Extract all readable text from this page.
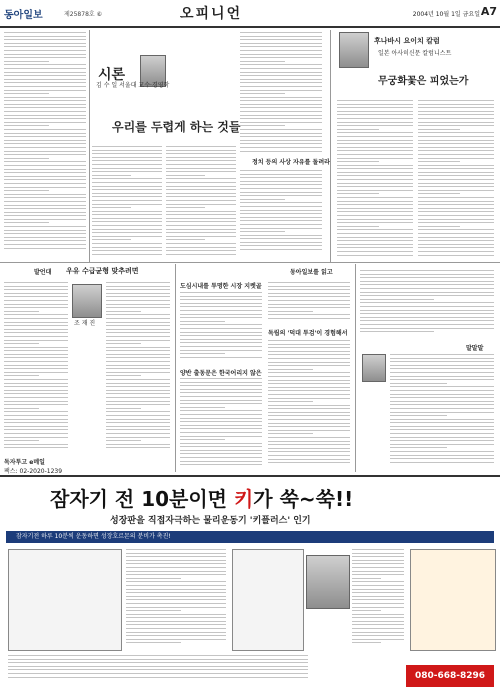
동아일보	제25878호 ⑥	오피니언	2004년 10월 1일 금요일 A7
시론
김 수 일 서울대 교수·경영학
우리를 두렵게 하는 것들
정치 등의 사상 자유를 돌려라
후나바시 요이치 칼럼
일본 아사히신문 칼럼니스트
무궁화꽃은 피었는가
발언대 우유 수급균형 맞추려면
조 재 진
독자투고 e메일
팩스: 02-2020-1239
동아일보를 읽고
도심시내를 투명한 시장 지렛골
양반 출동문은 한국어리지 않은
독립의 '덕대 투검'이 경험해서
말말말
잠자기 전 10분이면 키가 쑥~쑥!!
성장판을 직접자극하는 물리운동기 '키플러스' 인기
잠자기전 하루 10분씩 운동하면 성장호르몬의 분비가 촉진!
080-668-8296
